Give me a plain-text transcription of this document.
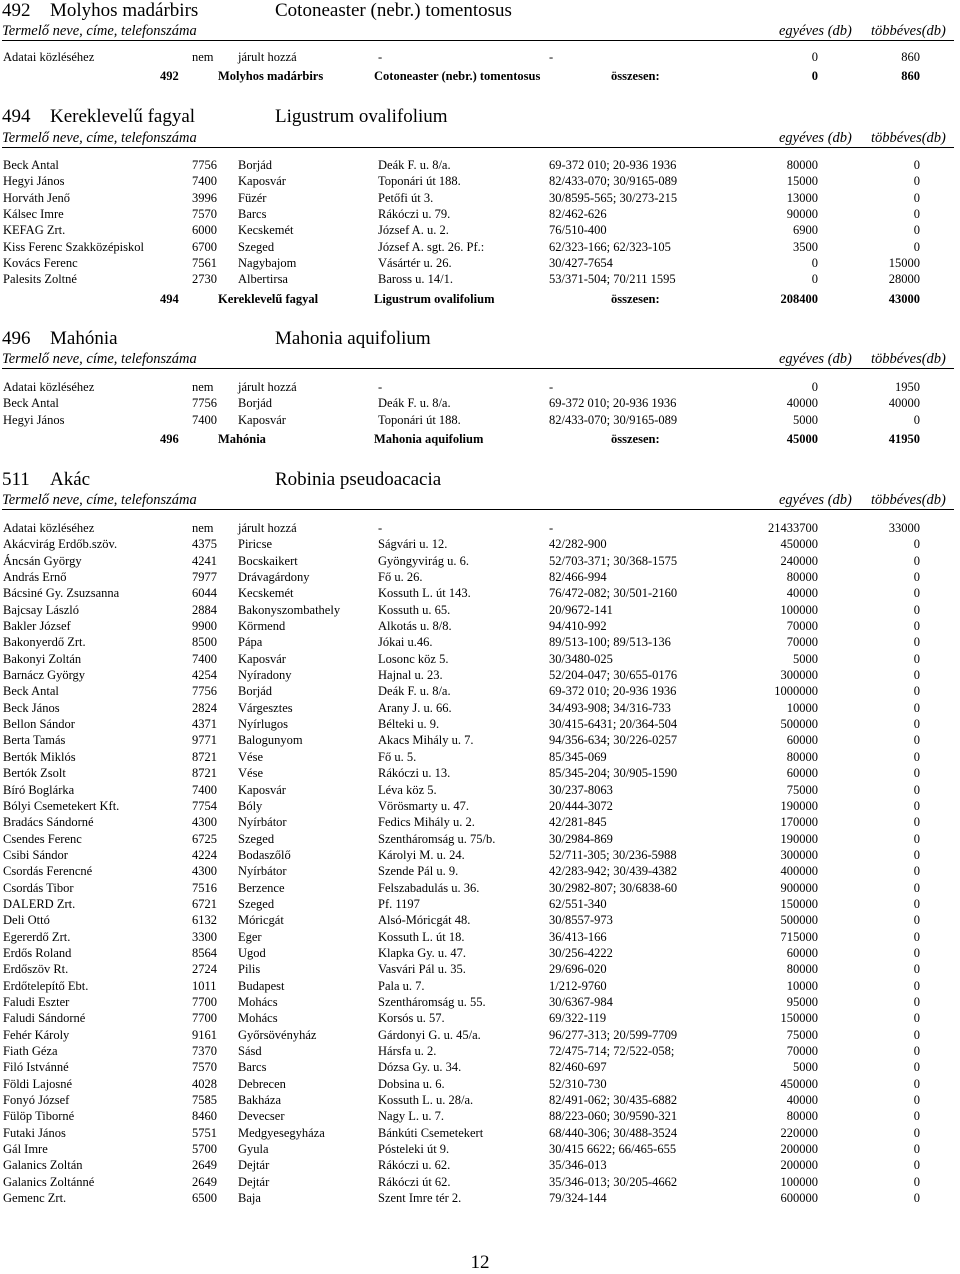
492 Molyhos madárbirs	Cotoneaster (nebr.) tomentosus
Termelő neve, címe, telefonszáma	egyéves (db) többéves(db)
Adatai közléséhez	nem járult hozzá	-	-	0	860
492	Molyhos madárbirs	Cotoneaster (nebr.) tomentosus	összesen:	0	860
494 Kereklevelű fagyal	Ligustrum ovalifolium
Termelő neve, címe, telefonszáma	egyéves (db) többéves(db)
Beck Antal	7756 Borjád	Deák F. u. 8/a.	69-372 010; 20-936 1936	80000	0
Hegyi János	7400 Kaposvár	Toponári út 188.	82/433-070; 30/9165-089	15000	0
Horváth Jenő	3996 Füzér	Petőfi út 3.	30/8595-565; 30/273-215	13000	0
Kálsec Imre	7570 Barcs	Rákóczi u. 79.	82/462-626	90000	0
KEFAG Zrt.	6000 Kecskemét	József A. u. 2.	76/510-400	6900	0
Kiss Ferenc Szakközépiskol	6700 Szeged	József A. sgt. 26. Pf.:	62/323-166; 62/323-105	3500	0
Kovács Ferenc	7561 Nagybajom	Vásártér u. 26.	30/427-7654	0	15000
Palesits Zoltné	2730 Albertirsa	Baross u. 14/1.	53/371-504; 70/211 1595	0	28000
494	Kereklevelű fagyal	Ligustrum ovalifolium	összesen:	208400	43000
496 Mahónia	Mahonia aquifolium
Termelő neve, címe, telefonszáma	egyéves (db) többéves(db)
Adatai közléséhez	nem járult hozzá	-	-	0	1950
Beck Antal	7756 Borjád	Deák F. u. 8/a.	69-372 010; 20-936 1936	40000	40000
Hegyi János	7400 Kaposvár	Toponári út 188.	82/433-070; 30/9165-089	5000	0
496	Mahónia	Mahonia aquifolium	összesen:	45000	41950
511 Akác	Robinia pseudoacacia
Termelő neve, címe, telefonszáma	egyéves (db) többéves(db)
Adatai közléséhez	nem járult hozzá	-	-	21433700	33000
Akácvirág Erdőb.szöv.	4375 Piricse	Ságvári u. 12.	42/282-900	450000	0
Áncsán György	4241 Bocskaikert	Gyöngyvirág u. 6.	52/703-371; 30/368-1575	240000	0
András Ernő	7977 Drávagárdony	Fő u. 26.	82/466-994	80000	0
Bácsiné Gy. Zsuzsanna	6044 Kecskemét	Kossuth L. út 143.	76/472-082; 30/501-2160	40000	0
Bajcsay László	2884 Bakonyszombathely	Kossuth u. 65.	20/9672-141	100000	0
Bakler József	9900 Körmend	Alkotás u. 8/8.	94/410-992	70000	0
Bakonyerdő Zrt.	8500 Pápa	Jókai u.46.	89/513-100; 89/513-136	70000	0
Bakonyi Zoltán	7400 Kaposvár	Losonc köz 5.	30/3480-025	5000	0
Barnácz György	4254 Nyíradony	Hajnal u. 23.	52/204-047; 30/655-0176	300000	0
Beck Antal	7756 Borjád	Deák F. u. 8/a.	69-372 010; 20-936 1936	1000000	0
Beck János	2824 Várgesztes	Arany J. u. 66.	34/493-908; 34/316-733	10000	0
Bellon Sándor	4371 Nyírlugos	Bélteki u. 9.	30/415-6431; 20/364-504	500000	0
Berta Tamás	9771 Balogunyom	Akacs Mihály u. 7.	94/356-634; 30/226-0257	60000	0
Bertók Miklós	8721 Vése	Fő u. 5.	85/345-069	80000	0
Bertók Zsolt	8721 Vése	Rákóczi u. 13.	85/345-204; 30/905-1590	60000	0
Bíró Boglárka	7400 Kaposvár	Léva köz 5.	30/237-8063	75000	0
Bólyi Csemetekert Kft.	7754 Bóly	Vörösmarty u. 47.	20/444-3072	190000	0
Bradács Sándorné	4300 Nyírbátor	Fedics Mihály u. 2.	42/281-845	170000	0
Csendes Ferenc	6725 Szeged	Szentháromság u. 75/b.	30/2984-869	190000	0
Csibi Sándor	4224 Bodaszőlő	Károlyi M. u. 24.	52/711-305; 30/236-5988	300000	0
Csordás Ferencné	4300 Nyírbátor	Szende Pál u. 9.	42/283-942; 30/439-4382	400000	0
Csordás Tibor	7516 Berzence	Felszabadulás u. 36.	30/2982-807; 30/6838-60	900000	0
DALERD Zrt.	6721 Szeged	Pf. 1197	62/551-340	150000	0
Deli Ottó	6132 Móricgát	Alsó-Móricgát 48.	30/8557-973	500000	0
Egererdő Zrt.	3300 Eger	Kossuth L. út 18.	36/413-166	715000	0
Erdős Roland	8564 Ugod	Klapka Gy. u. 47.	30/256-4222	60000	0
Erdőszöv Rt.	2724 Pilis	Vasvári Pál u. 35.	29/696-020	80000	0
Erdőtelepítő Ebt.	1011 Budapest	Pala u. 7.	1/212-9760	10000	0
Faludi Eszter	7700 Mohács	Szentháromság u. 55.	30/6367-984	95000	0
Faludi Sándorné	7700 Mohács	Korsós u. 57.	69/322-119	150000	0
Fehér Károly	9161 Győrsövényház	Gárdonyi G. u. 45/a.	96/277-313; 20/599-7709	75000	0
Fiath Géza	7370 Sásd	Hársfa u. 2.	72/475-714; 72/522-058;	70000	0
Filó Istvánné	7570 Barcs	Dózsa Gy. u. 34.	82/460-697	5000	0
Földi Lajosné	4028 Debrecen	Dobsina u. 6.	52/310-730	450000	0
Fonyó József	7585 Bakháza	Kossuth L. u. 28/a.	82/491-062; 30/435-6882	40000	0
Fülöp Tiborné	8460 Devecser	Nagy L. u. 7.	88/223-060; 30/9590-321	80000	0
Futaki János	5751 Medgyesegyháza	Bánkúti Csemetekert	68/440-306; 30/488-3524	220000	0
Gál Imre	5700 Gyula	Pósteleki út 9.	30/415 6622; 66/465-655	200000	0
Galanics Zoltán	2649 Dejtár	Rákóczi u. 62.	35/346-013	200000	0
Galanics Zoltánné	2649 Dejtár	Rákóczi út 62.	35/346-013; 30/205-4662	100000	0
Gemenc Zrt.	6500 Baja	Szent Imre tér 2.	79/324-144	600000	0
12
